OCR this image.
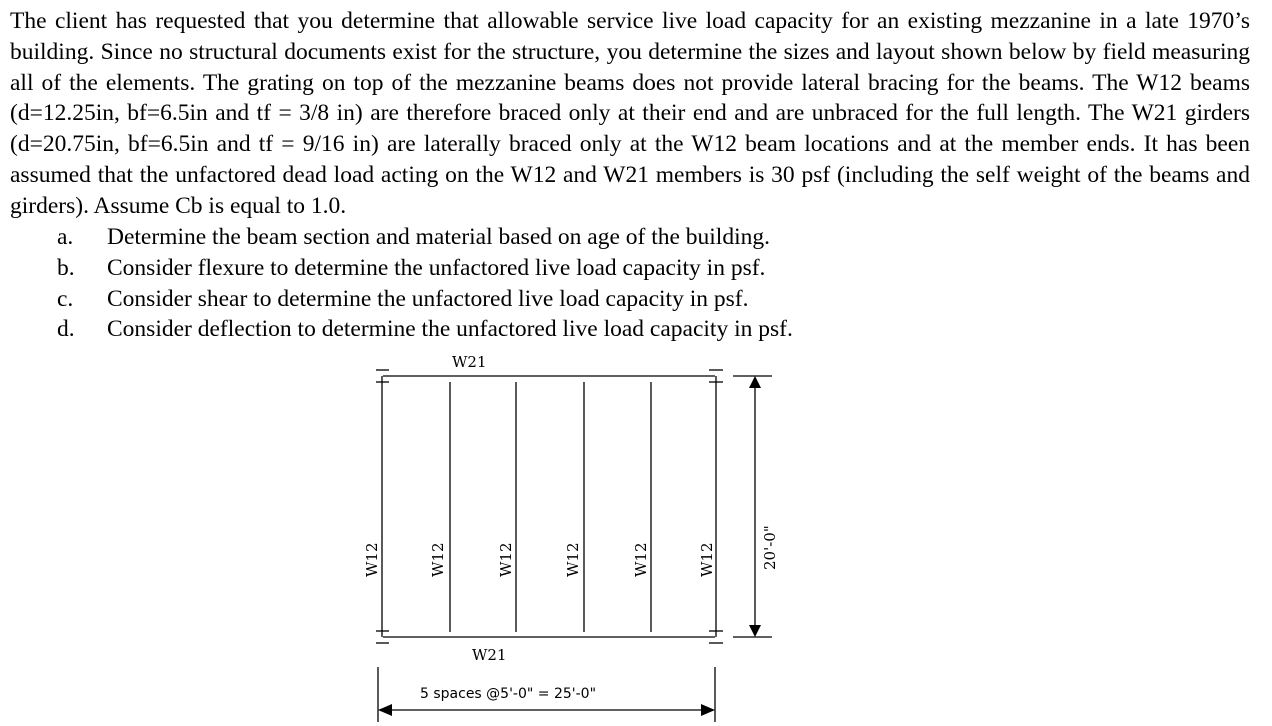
The client has requested that you determine that allowable service live load capacity for an existing mezzanine in a late 1970’s building. Since no structural documents exist for the structure, you determine the sizes and layout shown below by field measuring all of the elements. The grating on top of the mezzanine beams does not provide lateral bracing for the beams. The W12 beams (d=12.25in, bf=6.5in and tf = 3/8 in) are therefore braced only at their end and are unbraced for the full length. The W21 girders (d=20.75in, bf=6.5in and tf = 9/16 in) are laterally braced only at the W12 beam locations and at the member ends. It has been assumed that the unfactored dead load acting on the W12 and W21 members is 30 psf (including the self weight of the beams and girders). Assume Cb is equal to 1.0.

a.	Determine the beam section and material based on age of the building.
b.	Consider flexure to determine the unfactored live load capacity in psf.
c.	Consider shear to determine the unfactored live load capacity in psf.
d.	Consider deflection to determine the unfactored live load capacity in psf.
W21
W21
W12	W12	W12	W12	W12	W12	20'-0"
5 spaces @5'-0" = 25'-0"
